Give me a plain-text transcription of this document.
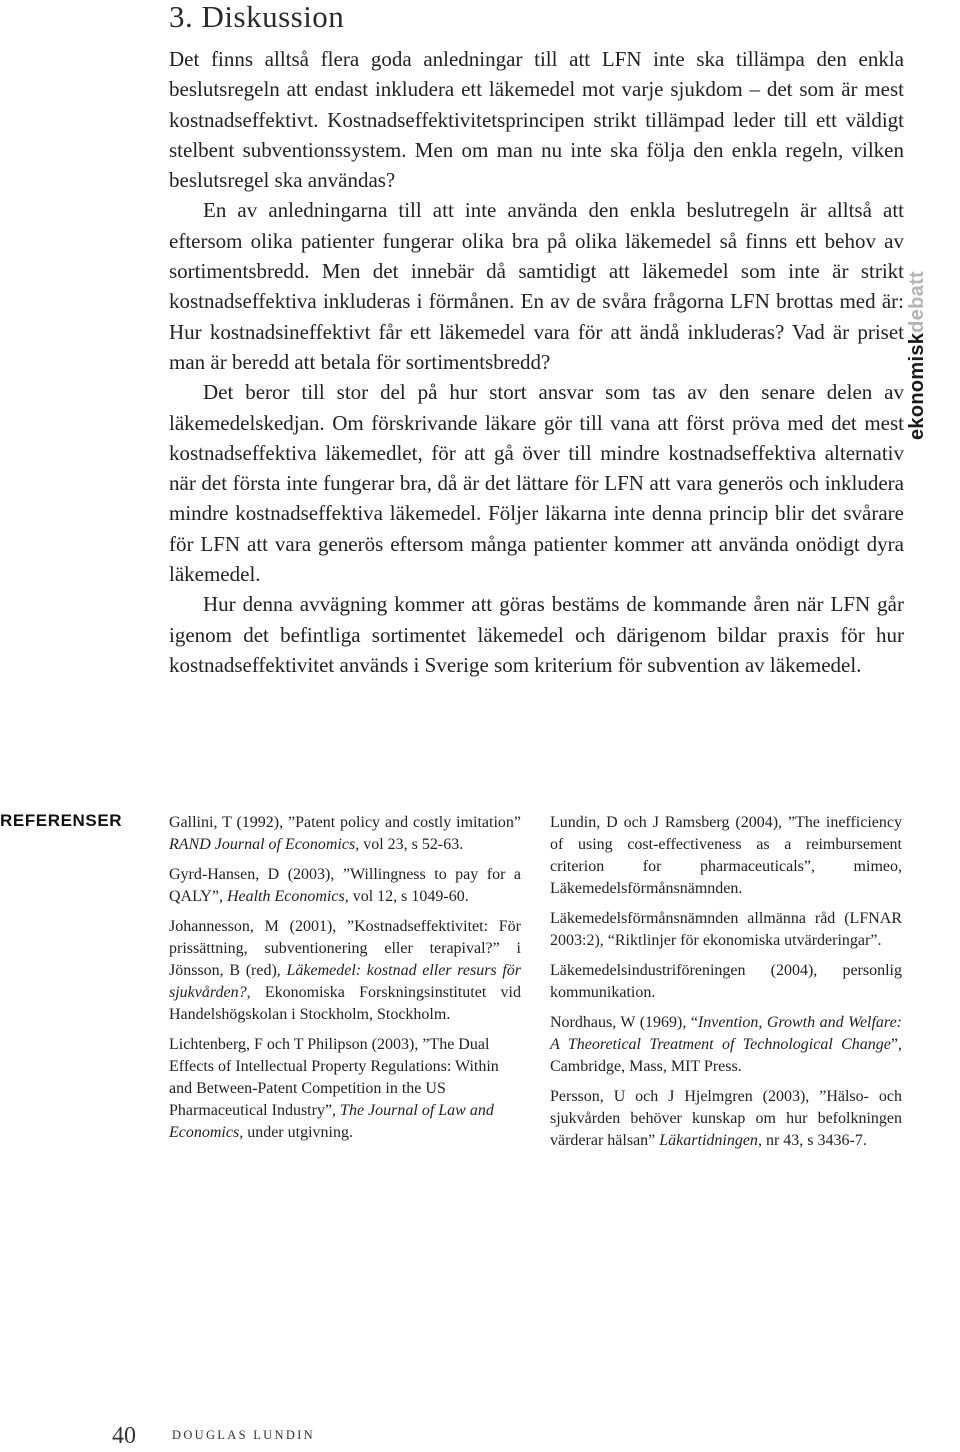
3. Diskussion

Det finns alltså flera goda anledningar till att LFN inte ska tillämpa den enkla beslutsregeln att endast inkludera ett läkemedel mot varje sjukdom – det som är mest kostnadseffektivt. Kostnadseffektivitetsprincipen strikt tillämpad leder till ett väldigt stelbent subventionssystem. Men om man nu inte ska följa den enkla regeln, vilken beslutsregel ska användas?

En av anledningarna till att inte använda den enkla beslutregeln är alltså att eftersom olika patienter fungerar olika bra på olika läkemedel så finns ett behov av sortimentsbredd. Men det innebär då samtidigt att läkemedel som inte är strikt kostnadseffektiva inkluderas i förmånen. En av de svåra frågorna LFN brottas med är: Hur kostnadsineffektivt får ett läkemedel vara för att ändå inkluderas? Vad är priset man är beredd att betala för sortimentsbredd?

Det beror till stor del på hur stort ansvar som tas av den senare delen av läkemedelskedjan. Om förskrivande läkare gör till vana att först pröva med det mest kostnadseffektiva läkemedlet, för att gå över till mindre kostnadseffektiva alternativ när det första inte fungerar bra, då är det lättare för LFN att vara generös och inkludera mindre kostnadseffektiva läkemedel. Följer läkarna inte denna princip blir det svårare för LFN att vara generös eftersom många patienter kommer att använda onödigt dyra läkemedel.

Hur denna avvägning kommer att göras bestäms de kommande åren när LFN går igenom det befintliga sortimentet läkemedel och därigenom bildar praxis för hur kostnadseffektivitet används i Sverige som kriterium för subvention av läkemedel.

ekonomiskdebatt
REFERENSER	Gallini, T (1992), ”Patent policy and costly imitation” RAND Journal of Economics, vol 23, s 52-63.

Gyrd-Hansen, D (2003), ”Willingness to pay for a QALY”, Health Economics, vol 12, s 1049-60.

Johannesson, M (2001), ”Kostnadseffektivitet: För prissättning, subventionering eller terapival?” i Jönsson, B (red), Läkemedel: kostnad eller resurs för sjukvården?, Ekonomiska Forskningsinstitutet vid Handelshögskolan i Stockholm, Stockholm.

Lichtenberg, F och T Philipson (2003), ”The Dual Effects of Intellectual Property Regulations: Within and Between-Patent Competition in the US Pharmaceutical Industry”, The Journal of Law and Economics, under utgivning.

Lundin, D och J Ramsberg (2004), ”The inefficiency of using cost-effectiveness as a reimbursement criterion for pharmaceuticals”, mimeo, Läkemedelsförmånsnämnden.

Läkemedelsförmånsnämnden allmänna råd (LFNAR 2003:2), “Riktlinjer för ekonomiska utvärderingar”.

Läkemedelsindustriföreningen (2004), personlig kommunikation.

Nordhaus, W (1969), “Invention, Growth and Welfare: A Theoretical Treatment of Technological Change”, Cambridge, Mass, MIT Press.

Persson, U och J Hjelmgren (2003), ”Hälso- och sjukvården behöver kunskap om hur befolkningen värderar hälsan” Läkartidningen, nr 43, s 3436-7.

40	DOUGLAS LUNDIN
